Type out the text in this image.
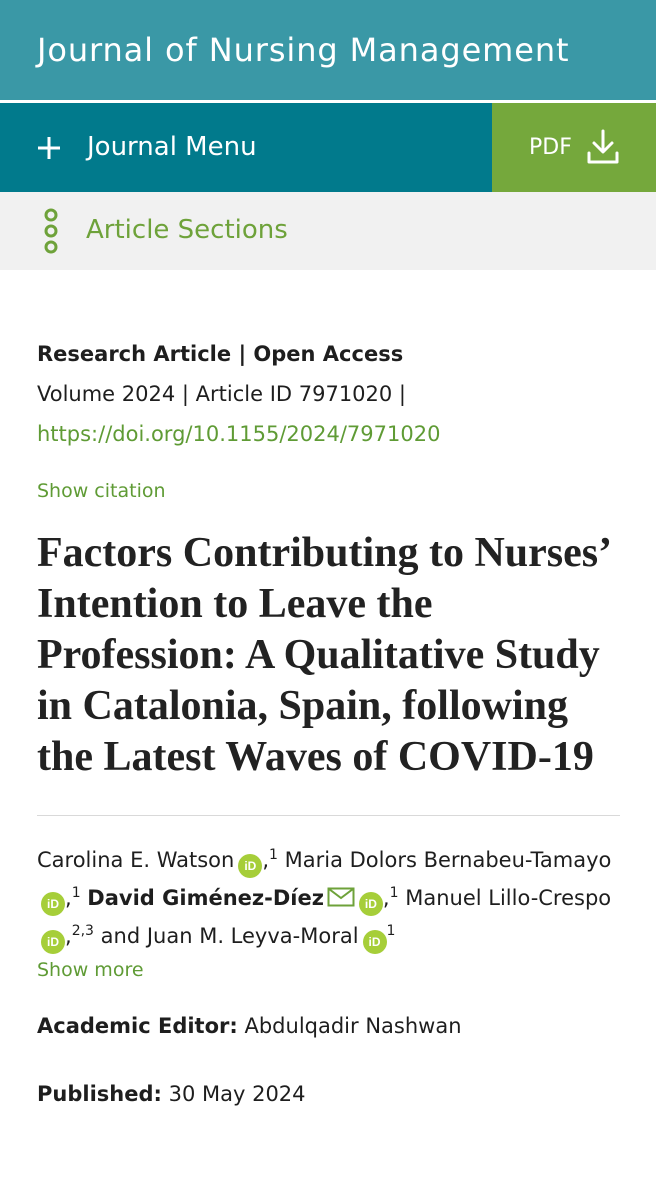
Journal of Nursing Management
Journal Menu	PDF
Article Sections
Research Article | Open Access
Volume 2024 | Article ID 7971020 |
https://doi.org/10.1155/2024/7971020
Show citation
Factors Contributing to Nurses’ Intention to Leave the Profession: A Qualitative Study in Catalonia, Spain, following the Latest Waves of COVID-19
Carolina E. Watson iD ,$^1$ Maria Dolors Bernabeu-TamayoiD ,$^1$ David Giménez-Díez	iD ,$^1$ Manuel Lillo-CrespoiD ,$^{2,3}$ and Juan M. Leyva-Moral $iD^1$
Show more
Academic Editor: Abdulqadir Nashwan
Published: 30 May 2024
